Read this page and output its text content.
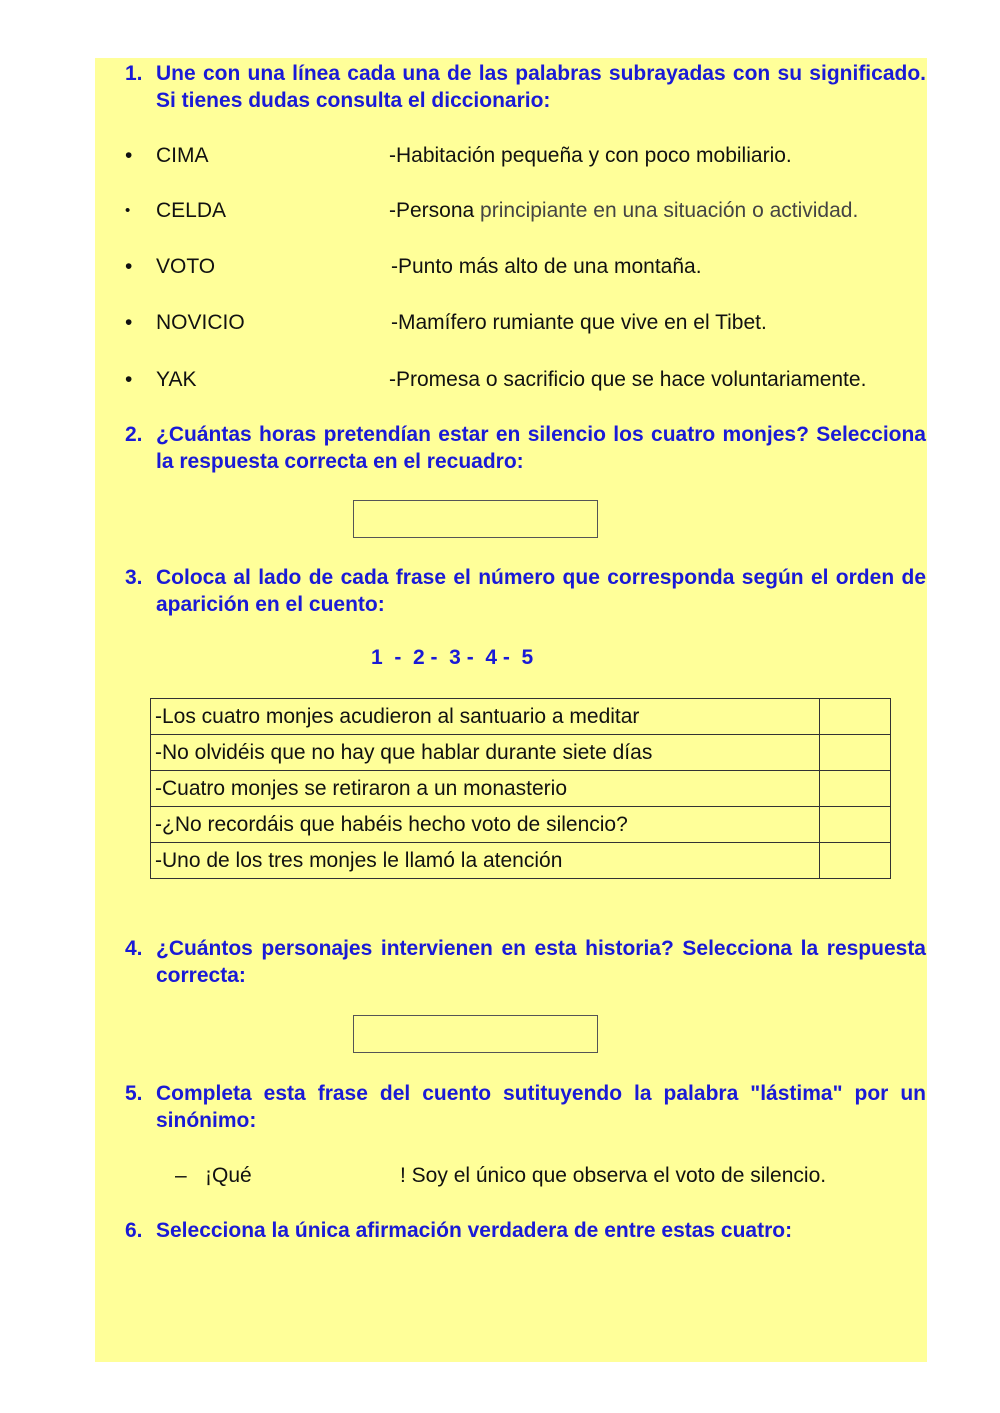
1. Une con una línea cada una de las palabras subrayadas con su significado. Si tienes dudas consulta el diccionario:
• CIMA	-Habitación pequeña y con poco mobiliario.
• CELDA	-Persona principiante en una situación o actividad.
• VOTO	-Punto más alto de una montaña.
• NOVICIO	-Mamífero rumiante que vive en el Tibet.
• YAK	-Promesa o sacrificio que se hace voluntariamente.
2. ¿Cuántas horas pretendían estar en silencio los cuatro monjes? Selecciona la respuesta correcta en el recuadro:
3. Coloca al lado de cada frase el número que corresponda según el orden de aparición en el cuento:
1  -  2 -  3 -  4 -  5
-Los cuatro monjes acudieron al santuario a meditar	
-No olvidéis que no hay que hablar durante siete días	
-Cuatro monjes se retiraron a un monasterio	
-¿No recordáis que habéis hecho voto de silencio?	
-Uno de los tres monjes le llamó la atención	
4. ¿Cuántos personajes intervienen en esta historia? Selecciona la respuesta correcta:
5. Completa esta frase del cuento sutituyendo la palabra "lástima" por un sinónimo:
– ¡Qué	! Soy el único que observa el voto de silencio.
6. Selecciona la única afirmación verdadera de entre estas cuatro:
